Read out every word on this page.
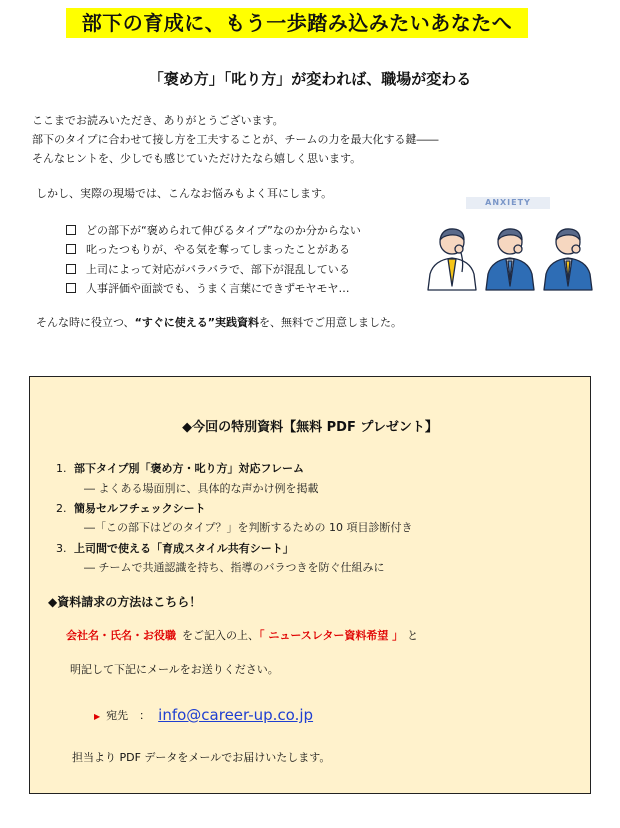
部下の育成に、もう一歩踏み込みたいあなたへ
「褒め方」「叱り方」が変われば、職場が変わる
ここまでお読みいただき、ありがとうございます。
部下のタイプに合わせて接し方を工夫することが、チームの力を最大化する鍵――
そんなヒントを、少しでも感じていただけたなら嬉しく思います。
しかし、実際の現場では、こんなお悩みもよく耳にします。
どの部下が“褒められて伸びるタイプ”なのか分からない
叱ったつもりが、やる気を奪ってしまったことがある
上司によって対応がバラバラで、部下が混乱している
人事評価や面談でも、うまく言葉にできずモヤモヤ…
そんな時に役立つ、“すぐに使える”実践資料を、無料でご用意しました。
ANXIETY
◆今回の特別資料【無料 PDF プレゼント】
1. 部下タイプ別「褒め方・叱り方」対応フレーム
― よくある場面別に、具体的な声かけ例を掲載
2. 簡易セルフチェックシート
―「この部下はどのタイプ？」を判断するための 10 項目診断付き
3. 上司間で使える「育成スタイル共有シート」
― チームで共通認識を持ち、指導のバラつきを防ぐ仕組みに
◆資料請求の方法はこちら！
会社名・氏名・お役職 をご記入の上、「 ニュースレター資料希望 」 と
明記して下記にメールをお送りください。
▶ 宛先　： info@career-up.co.jp
担当より PDF データをメールでお届けいたします。
